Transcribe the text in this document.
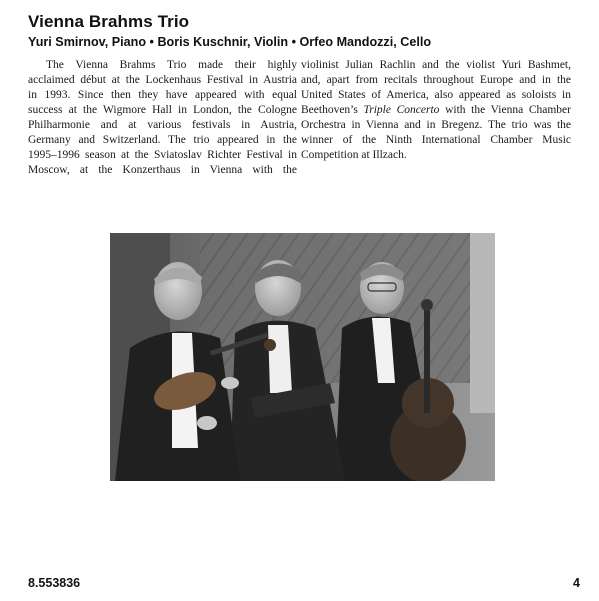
Vienna Brahms Trio

Yuri Smirnov, Piano • Boris Kuschnir, Violin • Orfeo Mandozzi, Cello

The Vienna Brahms Trio made their highly
acclaimed début at the Lockenhaus Festival in Austria
in 1993. Since then they have appeared with equal
success at the Wigmore Hall in London, the Cologne
Philharmonie and at various festivals in Austria,
Germany and Switzerland. The trio appeared in the
1995–1996 season at the Sviatoslav Richter Festival in
Moscow, at the Konzerthaus in Vienna with the
violinist Julian Rachlin and the violist Yuri Bashmet,
and, apart from recitals throughout Europe and in the
United States of America, also appeared as soloists in
Beethoven’s Triple Concerto with the Vienna Chamber
Orchestra in Vienna and in Bregenz. The trio was the
winner of the Ninth International Chamber Music
Competition at Illzach.

8.553836	4
